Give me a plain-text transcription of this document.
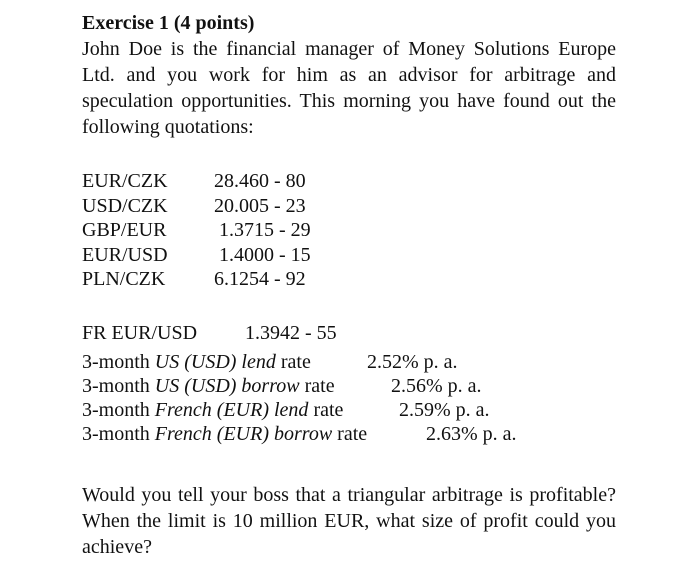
Exercise 1 (4 points)

John Doe is the financial manager of Money Solutions Europe Ltd. and you work for him as an advisor for arbitrage and speculation opportunities. This morning you have found out the following quotations:

EUR/CZK	28.460 - 80
USD/CZK	20.005 - 23
GBP/EUR	1.3715 - 29
EUR/USD	1.4000 - 15
PLN/CZK	6.1254 - 92
FR EUR/USD	1.3942 - 55
3-month US (USD) lend rate	2.52% p. a.
3-month US (USD) borrow rate	2.56% p. a.
3-month French (EUR) lend rate	2.59% p. a.
3-month French (EUR) borrow rate	2.63% p. a.

Would you tell your boss that a triangular arbitrage is profitable? When the limit is 10 million EUR, what size of profit could you achieve?
